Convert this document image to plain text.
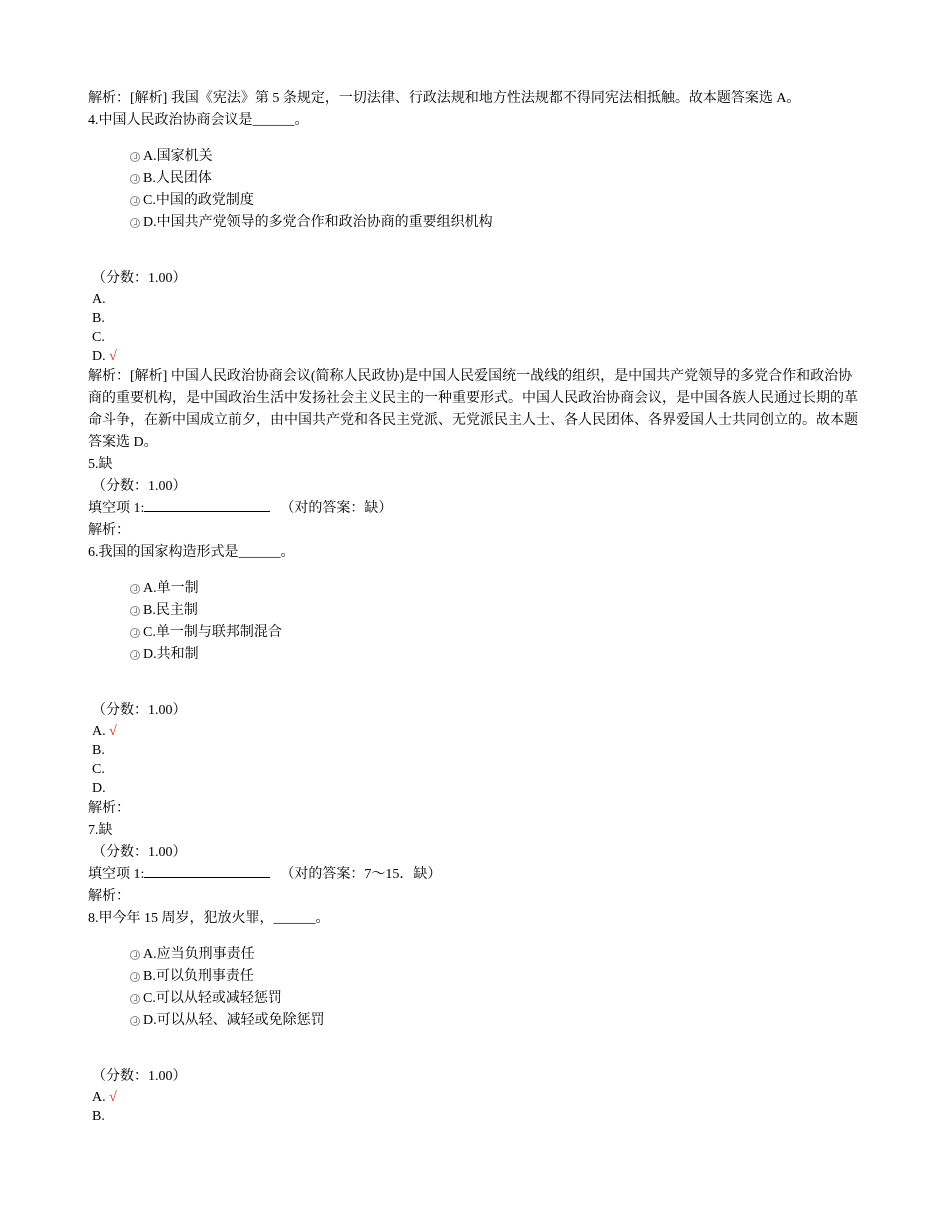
解析：[解析] 我国《宪法》第 5 条规定，一切法律、行政法规和地方性法规都不得同宪法相抵触。故本题答案选 A。
4.中国人民政治协商会议是______。
A.国家机关
B.人民团体
C.中国的政党制度
D.中国共产党领导的多党合作和政治协商的重要组织机构
（分数：1.00）
A.
B.
C.
D. √
解析：[解析] 中国人民政治协商会议(简称人民政协)是中国人民爱国统一战线的组织，是中国共产党领导的多党合作和政治协商的重要机构，是中国政治生活中发扬社会主义民主的一种重要形式。中国人民政治协商会议，是中国各族人民通过长期的革命斗争，在新中国成立前夕，由中国共产党和各民主党派、无党派民主人士、各人民团体、各界爱国人士共同创立的。故本题答案选 D。
5.缺
（分数：1.00）
填空项 1:	（对的答案：缺）
解析：
6.我国的国家构造形式是______。
A.单一制
B.民主制
C.单一制与联邦制混合
D.共和制
（分数：1.00）
A. √
B.
C.
D.
解析：
7.缺
（分数：1.00）
填空项 1:	（对的答案：7～15．缺）
解析：
8.甲今年 15 周岁，犯放火罪，______。
A.应当负刑事责任
B.可以负刑事责任
C.可以从轻或减轻惩罚
D.可以从轻、减轻或免除惩罚
（分数：1.00）
A. √
B.
